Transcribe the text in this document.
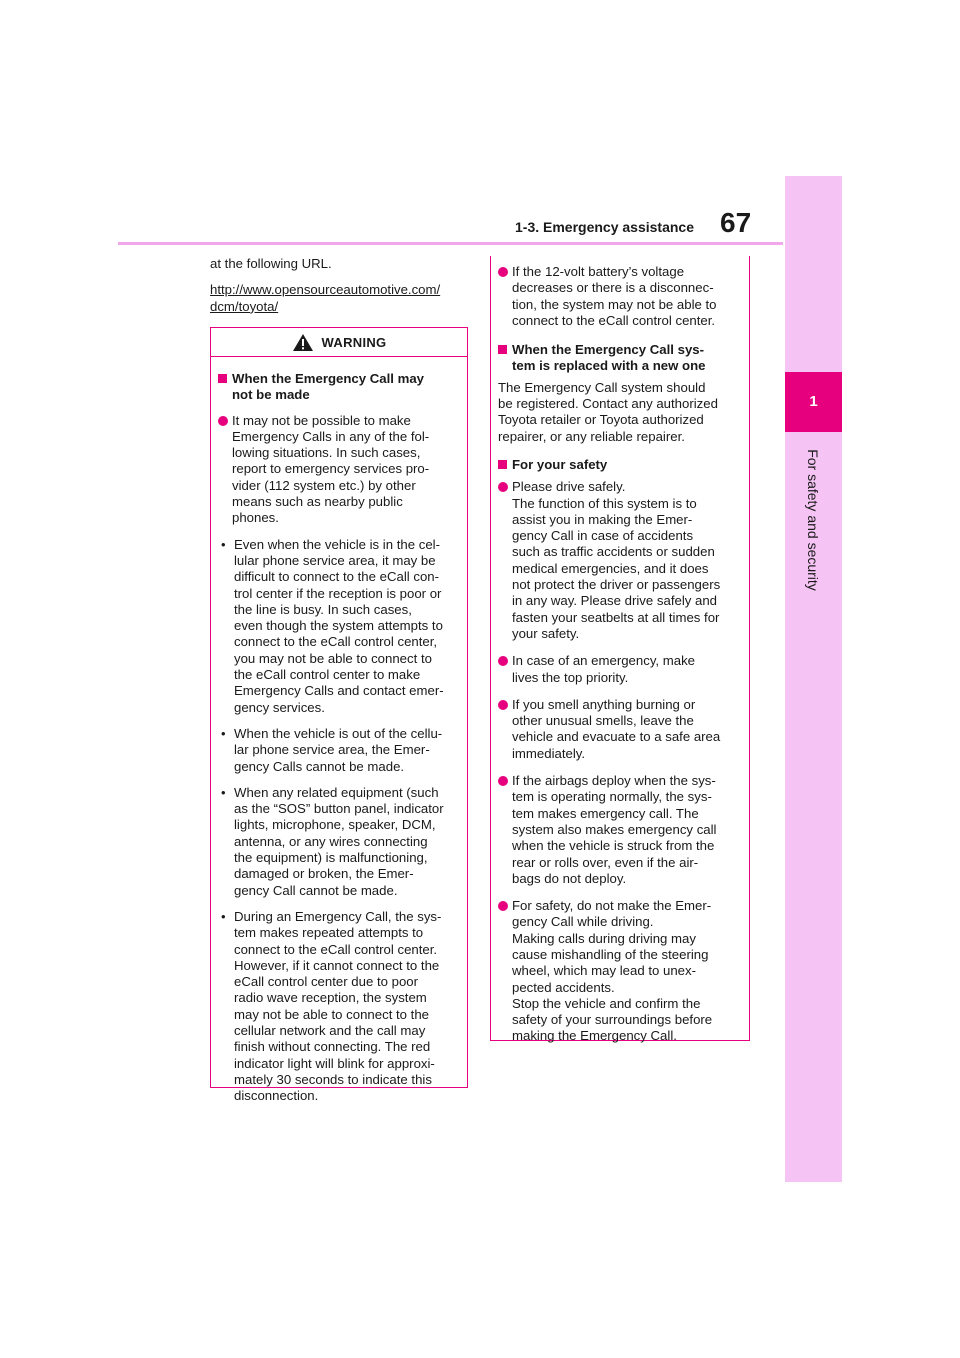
1
For safety and security
1-3. Emergency assistance 67

at the following URL.

http://www.opensourceautomotive.com/
dcm/toyota/
WARNING
When the Emergency Call may
not be made
It may not be possible to make
Emergency Calls in any of the fol-
lowing situations. In such cases,
report to emergency services pro-
vider (112 system etc.) by other
means such as nearby public
phones.
• Even when the vehicle is in the cel-
lular phone service area, it may be
difficult to connect to the eCall con-
trol center if the reception is poor or
the line is busy. In such cases,
even though the system attempts to
connect to the eCall control center,
you may not be able to connect to
the eCall control center to make
Emergency Calls and contact emer-
gency services.
• When the vehicle is out of the cellu-
lar phone service area, the Emer-
gency Calls cannot be made.
• When any related equipment (such
as the “SOS” button panel, indicator
lights, microphone, speaker, DCM,
antenna, or any wires connecting
the equipment) is malfunctioning,
damaged or broken, the Emer-
gency Call cannot be made.
• During an Emergency Call, the sys-
tem makes repeated attempts to
connect to the eCall control center.
However, if it cannot connect to the
eCall control center due to poor
radio wave reception, the system
may not be able to connect to the
cellular network and the call may
finish without connecting. The red
indicator light will blink for approxi-
mately 30 seconds to indicate this
disconnection.
If the 12-volt battery’s voltage
decreases or there is a disconnec-
tion, the system may not be able to
connect to the eCall control center.
When the Emergency Call sys-
tem is replaced with a new one
The Emergency Call system should
be registered. Contact any authorized
Toyota retailer or Toyota authorized
repairer, or any reliable repairer.
For your safety
Please drive safely.
The function of this system is to
assist you in making the Emer-
gency Call in case of accidents
such as traffic accidents or sudden
medical emergencies, and it does
not protect the driver or passengers
in any way. Please drive safely and
fasten your seatbelts at all times for
your safety.
In case of an emergency, make
lives the top priority.
If you smell anything burning or
other unusual smells, leave the
vehicle and evacuate to a safe area
immediately.
If the airbags deploy when the sys-
tem is operating normally, the sys-
tem makes emergency call. The
system also makes emergency call
when the vehicle is struck from the
rear or rolls over, even if the air-
bags do not deploy.
For safety, do not make the Emer-
gency Call while driving.
Making calls during driving may
cause mishandling of the steering
wheel, which may lead to unex-
pected accidents.
Stop the vehicle and confirm the
safety of your surroundings before
making the Emergency Call.
